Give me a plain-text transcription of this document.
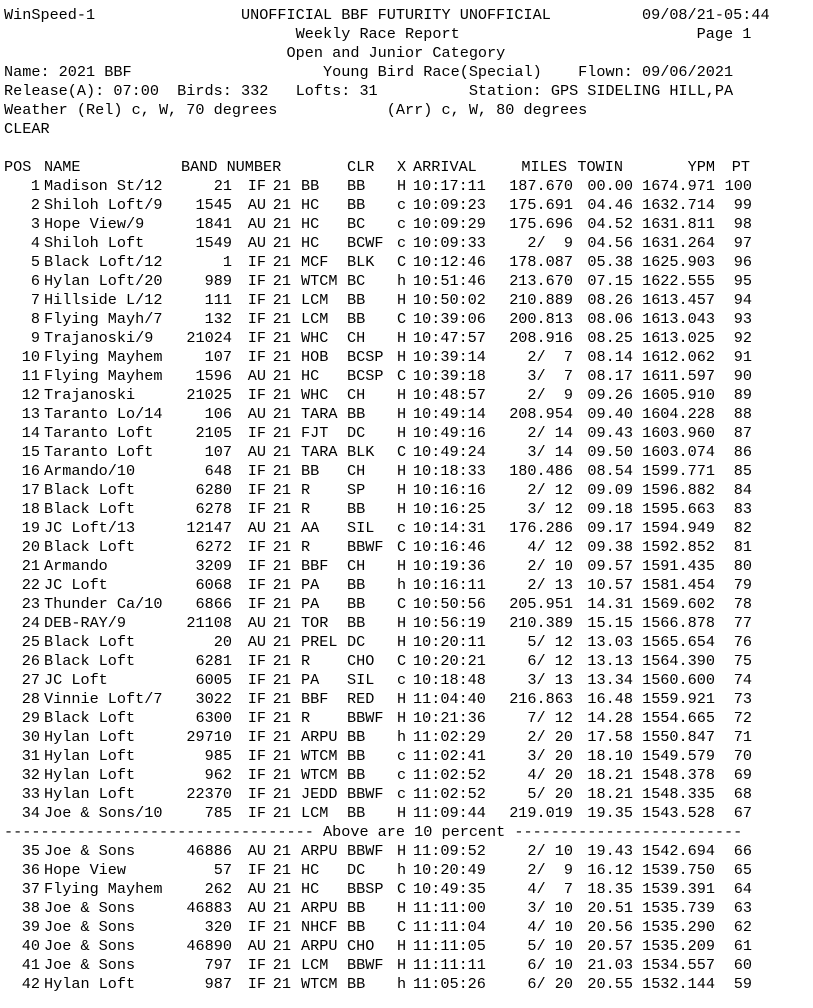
WinSpeed-1                UNOFFICIAL BBF FUTURITY UNOFFICIAL          09/08/21-05:44
Weekly Race Report                          Page 1
Open and Junior Category
Name: 2021 BBF                     Young Bird Race(Special)    Flown: 09/06/2021
Release(A): 07:00  Birds: 332   Lofts: 31          Station: GPS SIDELING HILL,PA
Weather (Rel) c, W, 70 degrees            (Arr) c, W, 80 degrees
CLEAR
POS NAME	BAND NUMBER	CLR	X ARRIVAL	MILES TOWIN	YPM	PT
1 Madison St/12	21	IF 21 BB	BB	H 10:17:11	187.670 00.00 1674.971 100
2 Shiloh Loft/9	1545	AU 21 HC	BB	c 10:09:23	175.691 04.46 1632.714	99
3 Hope View/9	1841	AU 21 HC	BC	c 10:09:29	175.696 04.52 1631.811	98
4 Shiloh Loft	1549	AU 21 HC	BCWF c 10:09:33	2/  9 04.56 1631.264	97
5 Black Loft/12	1	IF 21 MCF	BLK	C 10:12:46	178.087 05.38 1625.903	96
6 Hylan Loft/20	989	IF 21 WTCM BC	h 10:51:46	213.670 07.15 1622.555	95
7 Hillside L/12	111	IF 21 LCM	BB	H 10:50:02	210.889 08.26 1613.457	94
8 Flying Mayh/7	132	IF 21 LCM	BB	C 10:39:06	200.813 08.06 1613.043	93
9 Trajanoski/9	21024	IF 21 WHC	CH	H 10:47:57	208.916 08.25 1613.025	92
10 Flying Mayhem	107	IF 21 HOB	BCSP H 10:39:14	2/  7 08.14 1612.062	91
11 Flying Mayhem	1596	AU 21 HC	BCSP C 10:39:18	3/  7 08.17 1611.597	90
12 Trajanoski	21025	IF 21 WHC	CH	H 10:48:57	2/  9 09.26 1605.910	89
13 Taranto Lo/14	106	AU 21 TARA BB	H 10:49:14	208.954 09.40 1604.228	88
14 Taranto Loft	2105	IF 21 FJT	DC	H 10:49:16	2/ 14 09.43 1603.960	87
15 Taranto Loft	107	AU 21 TARA BLK	C 10:49:24	3/ 14 09.50 1603.074	86
16 Armando/10	648	IF 21 BB	CH	H 10:18:33	180.486 08.54 1599.771	85
17 Black Loft	6280	IF 21 R	SP	H 10:16:16	2/ 12 09.09 1596.882	84
18 Black Loft	6278	IF 21 R	BB	H 10:16:25	3/ 12 09.18 1595.663	83
19 JC Loft/13	12147	AU 21 AA	SIL	c 10:14:31	176.286 09.17 1594.949	82
20 Black Loft	6272	IF 21 R	BBWF C 10:16:46	4/ 12 09.38 1592.852	81
21 Armando	3209	IF 21 BBF	CH	H 10:19:36	2/ 10 09.57 1591.435	80
22 JC Loft	6068	IF 21 PA	BB	h 10:16:11	2/ 13 10.57 1581.454	79
23 Thunder Ca/10	6866	IF 21 PA	BB	C 10:50:56	205.951 14.31 1569.602	78
24 DEB-RAY/9	21108	AU 21 TOR	BB	H 10:56:19	210.389 15.15 1566.878	77
25 Black Loft	20	AU 21 PREL DC	H 10:20:11	5/ 12 13.03 1565.654	76
26 Black Loft	6281	IF 21 R	CHO	C 10:20:21	6/ 12 13.13 1564.390	75
27 JC Loft	6005	IF 21 PA	SIL	c 10:18:48	3/ 13 13.34 1560.600	74
28 Vinnie Loft/7	3022	IF 21 BBF	RED	H 11:04:40	216.863 16.48 1559.921	73
29 Black Loft	6300	IF 21 R	BBWF H 10:21:36	7/ 12 14.28 1554.665	72
30 Hylan Loft	29710	IF 21 ARPU BB	h 11:02:29	2/ 20 17.58 1550.847	71
31 Hylan Loft	985	IF 21 WTCM BB	c 11:02:41	3/ 20 18.10 1549.579	70
32 Hylan Loft	962	IF 21 WTCM BB	c 11:02:52	4/ 20 18.21 1548.378	69
33 Hylan Loft	22370	IF 21 JEDD BBWF c 11:02:52	5/ 20 18.21 1548.335	68
34 Joe & Sons/10	785	IF 21 LCM	BB	H 11:09:44	219.019 19.35 1543.528	67
---------------------------------- Above are 10 percent -------------------------
35 Joe & Sons	46886	AU 21 ARPU BBWF H 11:09:52	2/ 10 19.43 1542.694	66
36 Hope View	57	IF 21 HC	DC	h 10:20:49	2/  9 16.12 1539.750	65
37 Flying Mayhem	262	AU 21 HC	BBSP C 10:49:35	4/  7 18.35 1539.391	64
38 Joe & Sons	46883	AU 21 ARPU BB	H 11:11:00	3/ 10 20.51 1535.739	63
39 Joe & Sons	320	IF 21 NHCF BB	C 11:11:04	4/ 10 20.56 1535.290	62
40 Joe & Sons	46890	AU 21 ARPU CHO	H 11:11:05	5/ 10 20.57 1535.209	61
41 Joe & Sons	797	IF 21 LCM	BBWF H 11:11:11	6/ 10 21.03 1534.557	60
42 Hylan Loft	987	IF 21 WTCM BB	h 11:05:26	6/ 20 20.55 1532.144	59
